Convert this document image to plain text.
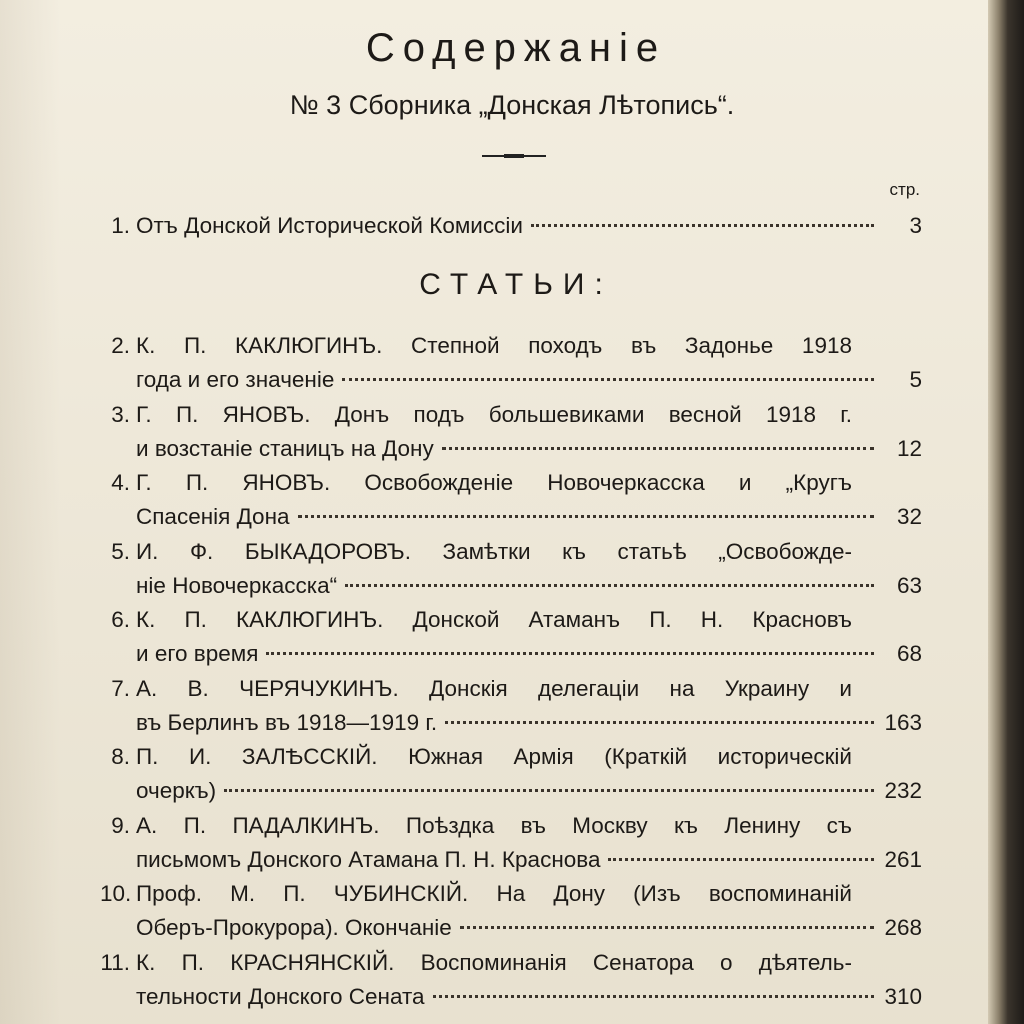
Содержаніе
№ 3 Сборника „Донская Лѣтопись“.
стр.
1. Отъ Донской Исторической Комиссіи	3
СТАТЬИ:
2. К. П. КАКЛЮГИНЪ. Степной походъ въ Задонье 1918
года и его значеніе	5
3. Г. П. ЯНОВЪ. Донъ подъ большевиками весной 1918 г.
и возстаніе станицъ на Дону	12
4. Г. П. ЯНОВЪ. Освобожденіе Новочеркасска и „Кругъ
Спасенія Дона	32
5. И. Ф. БЫКАДОРОВЪ. Замѣтки къ статьѣ „Освобожде-
ніе Новочеркасска“	63
6. К. П. КАКЛЮГИНЪ. Донской Атаманъ П. Н. Красновъ
и его время	68
7. А. В. ЧЕРЯЧУКИНЪ. Донскія делегаціи на Украину и
въ Берлинъ въ 1918—1919 г.	163
8. П. И. ЗАЛѢССКІЙ. Южная Армія (Краткій историческій
очеркъ)	232
9. А. П. ПАДАЛКИНЪ. Поѣздка въ Москву къ Ленину съ
письмомъ Донского Атамана П. Н. Краснова	261
10. Проф. М. П. ЧУБИНСКІЙ. На Дону (Изъ воспоминаній
Оберъ-Прокурора). Окончаніе	268
11. К. П. КРАСНЯНСКІЙ. Воспоминанія Сенатора о дѣятель-
тельности Донского Сената	310
